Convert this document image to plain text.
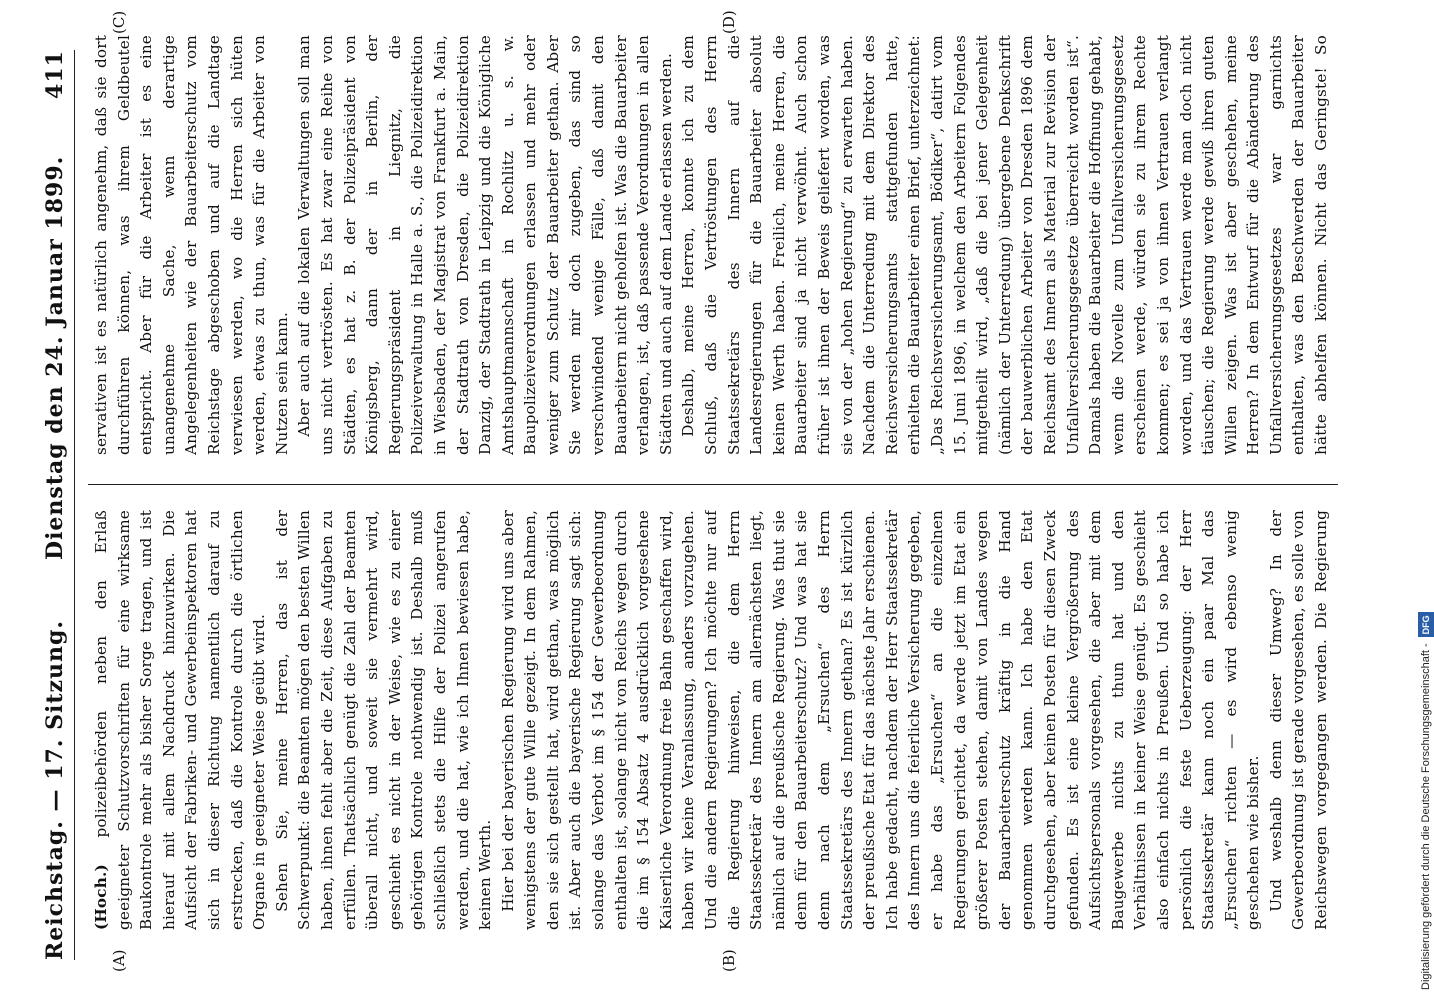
Reichstag. — 17. Sitzung.
Dienstag den 24. Januar 1899.
411
(A)	(B)
(C)	(D)

(Hoch.) polizeibehörden neben den Erlaß geeigneter Schutzvorschriften für eine wirksame Baukontrole mehr als bisher Sorge tragen, und ist hierauf mit allem Nachdruck hinzuwirken. Die Aufsicht der Fabriken- und Gewerbeinspektoren hat sich in dieser Richtung namentlich darauf zu erstrecken, daß die Kontrole durch die örtlichen Organe in geeigneter Weise geübt wird. Sehen Sie, meine Herren, das ist der Schwerpunkt: die Beamten mögen den besten Willen haben, ihnen fehlt aber die Zeit, diese Aufgaben zu erfüllen. Thatsächlich genügt die Zahl der Beamten überall nicht, und soweit sie vermehrt wird, geschieht es nicht in der Weise, wie es zu einer gehörigen Kontrole nothwendig ist. Deshalb muß schließlich stets die Hilfe der Polizei angerufen werden, und die hat, wie ich Ihnen bewiesen habe, keinen Werth. Hier bei der bayerischen Regierung wird uns aber wenigstens der gute Wille gezeigt. In dem Rahmen, den sie sich gestellt hat, wird gethan, was möglich ist. Aber auch die bayerische Regierung sagt sich: solange das Verbot im § 154 der Gewerbeordnung enthalten ist, solange nicht von Reichs wegen durch die im § 154 Absatz 4 ausdrücklich vorgesehene Kaiserliche Verordnung freie Bahn geschaffen wird, haben wir keine Veranlassung, anders vorzugehen. Und die andern Regierungen? Ich möchte nur auf die Regierung hinweisen, die dem Herrn Staatssekretär des Innern am allernächsten liegt, nämlich auf die preußische Regierung. Was thut sie denn für den Bauarbeiterschutz? Und was hat sie denn nach dem „Ersuchen“ des Herrn Staatssekretärs des Innern gethan? Es ist kürzlich der preußische Etat für das nächste Jahr erschienen. Ich habe gedacht, nachdem der Herr Staatssekretär des Innern uns die feierliche Versicherung gegeben, er habe das „Ersuchen“ an die einzelnen Regierungen gerichtet, da werde jetzt im Etat ein größerer Posten stehen, damit von Landes wegen der Bauarbeiterschutz kräftig in die Hand genommen werden kann. Ich habe den Etat durchgesehen, aber keinen Posten für diesen Zweck gefunden. Es ist eine kleine Vergrößerung des Aufsichtspersonals vorgesehen, die aber mit dem Baugewerbe nichts zu thun hat und den Verhältnissen in keiner Weise genügt. Es geschieht also einfach nichts in Preußen. Und so habe ich persönlich die feste Ueberzeugung: der Herr Staatssekretär kann noch ein paar Mal das „Ersuchen“ richten — es wird ebenso wenig geschehen wie bisher. Und weshalb denn dieser Umweg? In der Gewerbeordnung ist gerade vorgesehen, es solle von Reichswegen vorgegangen werden. Die Regierung

servativen ist es natürlich angenehm, daß sie dort durchführen können, was ihrem Geldbeutel entspricht. Aber für die Arbeiter ist es eine unangenehme Sache, wenn derartige Angelegenheiten wie der Bauarbeiterschutz vom Reichstage abgeschoben und auf die Landtage verwiesen werden, wo die Herren sich hüten werden, etwas zu thun, was für die Arbeiter von Nutzen sein kann. Aber auch auf die lokalen Verwaltungen soll man uns nicht vertrösten. Es hat zwar eine Reihe von Städten, es hat z. B. der Polizeipräsident von Königsberg, dann der in Berlin, der Regierungspräsident in Liegnitz, die Polizeiverwaltung in Halle a. S., die Polizeidirektion in Wiesbaden, der Magistrat von Frankfurt a. Main, der Stadtrath von Dresden, die Polizeidirektion Danzig, der Stadtrath in Leipzig und die Königliche Amtshauptmannschaft in Rochlitz u. s. w. Baupolizeiverordnungen erlassen und mehr oder weniger zum Schutz der Bauarbeiter gethan. Aber Sie werden mir doch zugeben, das sind so verschwindend wenige Fälle, daß damit den Bauarbeitern nicht geholfen ist. Was die Bauarbeiter verlangen, ist, daß passende Verordnungen in allen Städten und auch auf dem Lande erlassen werden. Deshalb, meine Herren, konnte ich zu dem Schluß, daß die Vertröstungen des Herrn Staatssekretärs des Innern auf die Landesregierungen für die Bauarbeiter absolut keinen Werth haben. Freilich, meine Herren, die Bauarbeiter sind ja nicht verwöhnt. Auch schon früher ist ihnen der Beweis geliefert worden, was sie von der „hohen Regierung“ zu erwarten haben. Nachdem die Unterredung mit dem Direktor des Reichsversicherungsamts stattgefunden hatte, erhielten die Bauarbeiter einen Brief, unterzeichnet: „Das Reichsversicherungsamt, Bödiker“, datirt vom 15. Juni 1896, in welchem den Arbeitern Folgendes mitgetheilt wird, „daß die bei jener Gelegenheit (nämlich der Unterredung) übergebene Denkschrift der bauwerblichen Arbeiter von Dresden 1896 dem Reichsamt des Innern als Material zur Revision der Unfallversicherungsgesetze überreicht worden ist“. Damals haben die Bauarbeiter die Hoffnung gehabt, wenn die Novelle zum Unfallversicherungsgesetz erscheinen werde, würden sie zu ihrem Rechte kommen; es sei ja von ihnen Vertrauen verlangt worden, und das Vertrauen werde man doch nicht täuschen; die Regierung werde gewiß ihren guten Willen zeigen. Was ist aber geschehen, meine Herren? In dem Entwurf für die Abänderung des Unfallversicherungsgesetzes war garnichts enthalten, was den Beschwerden der Bauarbeiter hätte abhelfen können. Nicht das Geringste! So

Digitalisierung gefördert durch die Deutsche Forschungsgemeinschaft -DFG
